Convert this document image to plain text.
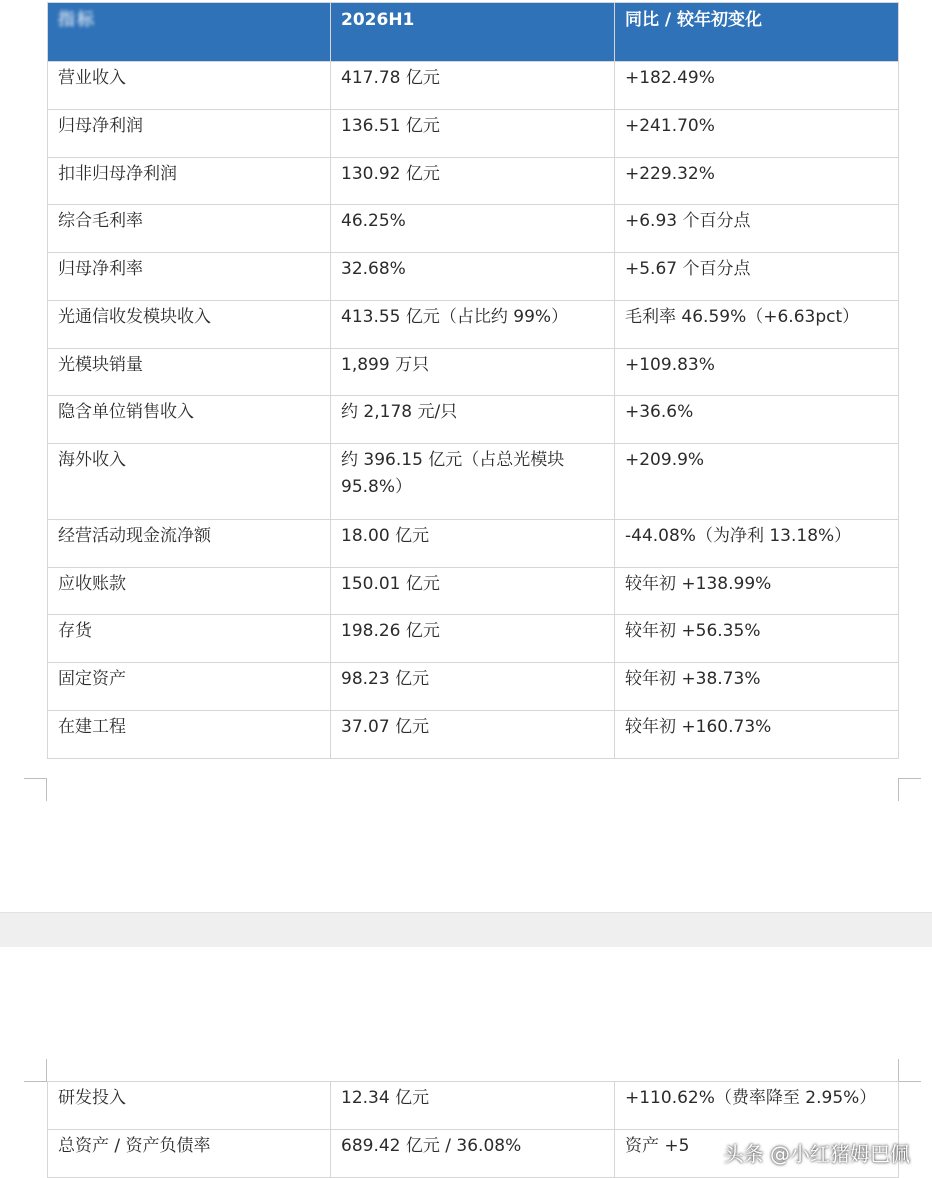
指标	2026H1	同比 / 较年初变化

营业收入	417.78 亿元	+182.49%

归母净利润	136.51 亿元	+241.70%

扣非归母净利润	130.92 亿元	+229.32%

综合毛利率	46.25%	+6.93 个百分点

归母净利率	32.68%	+5.67 个百分点

光通信收发模块收入	413.55 亿元（占比约 99%）	毛利率 46.59%（+6.63pct）

光模块销量	1,899 万只	+109.83%

隐含单位销售收入	约 2,178 元/只	+36.6%

海外收入	约 396.15 亿元（占总光模块 95.8%）	+209.9%

经营活动现金流净额	18.00 亿元	-44.08%（为净利 13.18%）

应收账款	150.01 亿元	较年初 +138.99%

存货	198.26 亿元	较年初 +56.35%

固定资产	98.23 亿元	较年初 +38.73%

在建工程	37.07 亿元	较年初 +160.73%
研发投入	12.34 亿元	+110.62%（费率降至 2.95%）

总资产 / 资产负债率	689.42 亿元 / 36.08%	资产 +5	头条 @小红猪姆巴佩
